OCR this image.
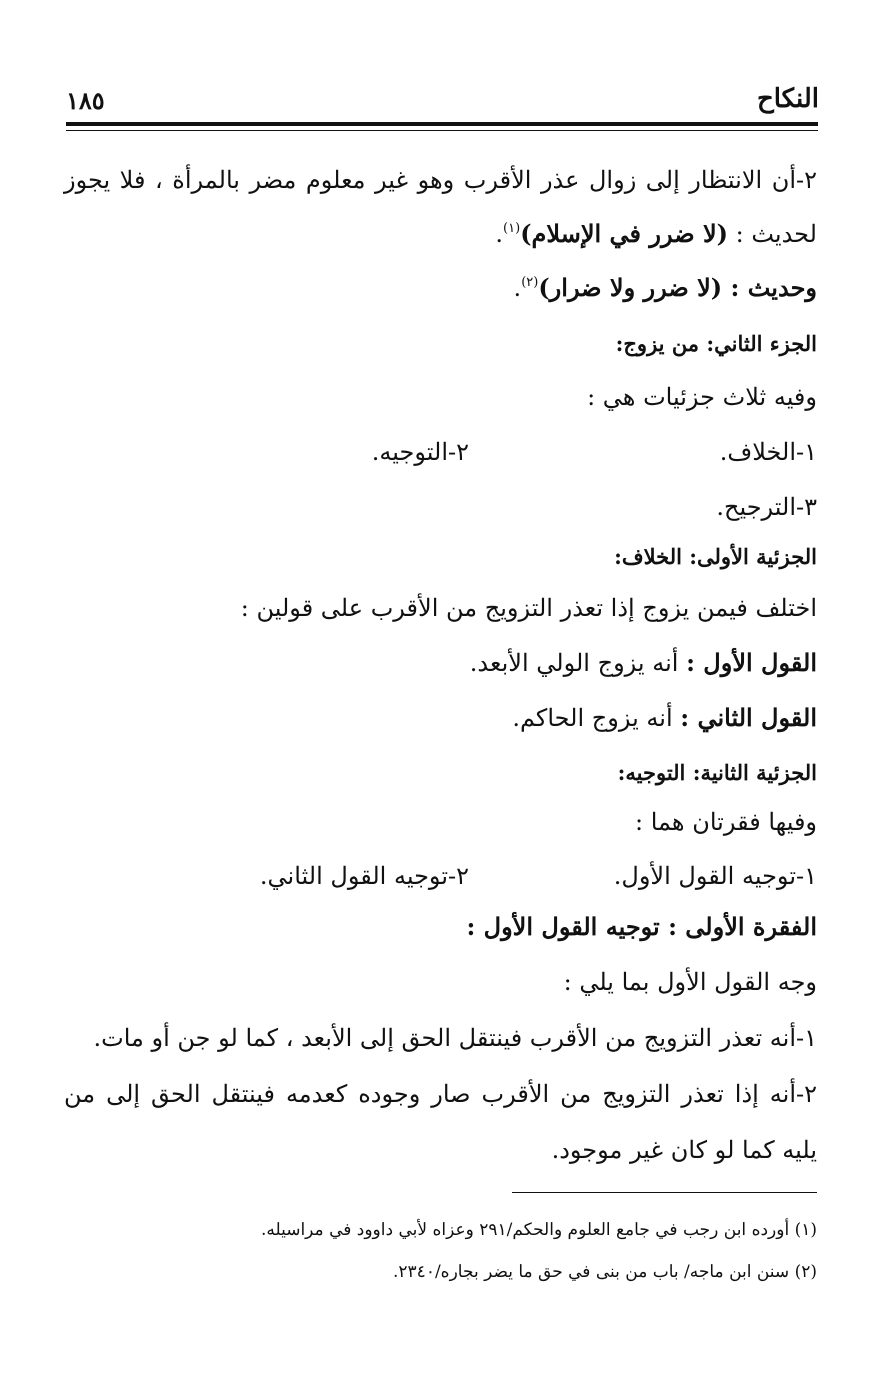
النكاح
١٨٥
٢-أن الانتظار إلى زوال عذر الأقرب وهو غير معلوم مضر بالمرأة ، فلا يجوز
لحديث : (لا ضرر في الإسلام)$^{(١)}$.
وحديث : (لا ضرر ولا ضرار)$^{(٢)}$.
الجزء الثاني: من يزوج:
وفيه ثلاث جزئيات هي :
١-الخلاف.
٢-التوجيه.
٣-الترجيح.
الجزئية الأولى: الخلاف:
اختلف فيمن يزوج إذا تعذر التزويج من الأقرب على قولين :
القول الأول : أنه يزوج الولي الأبعد.
القول الثاني : أنه يزوج الحاكم.
الجزئية الثانية: التوجيه:
وفيها فقرتان هما :
١-توجيه القول الأول.
٢-توجيه القول الثاني.
الفقرة الأولى : توجيه القول الأول :
وجه القول الأول بما يلي :
١-أنه تعذر التزويج من الأقرب فينتقل الحق إلى الأبعد ، كما لو جن أو مات.
٢-أنه إذا تعذر التزويج من الأقرب صار وجوده كعدمه فينتقل الحق إلى من
يليه كما لو كان غير موجود.
(١) أورده ابن رجب في جامع العلوم والحكم/٢٩١ وعزاه لأبي داوود في مراسيله.
(٢) سنن ابن ماجه/ باب من بنى في حق ما يضر بجاره/٢٣٤٠.
